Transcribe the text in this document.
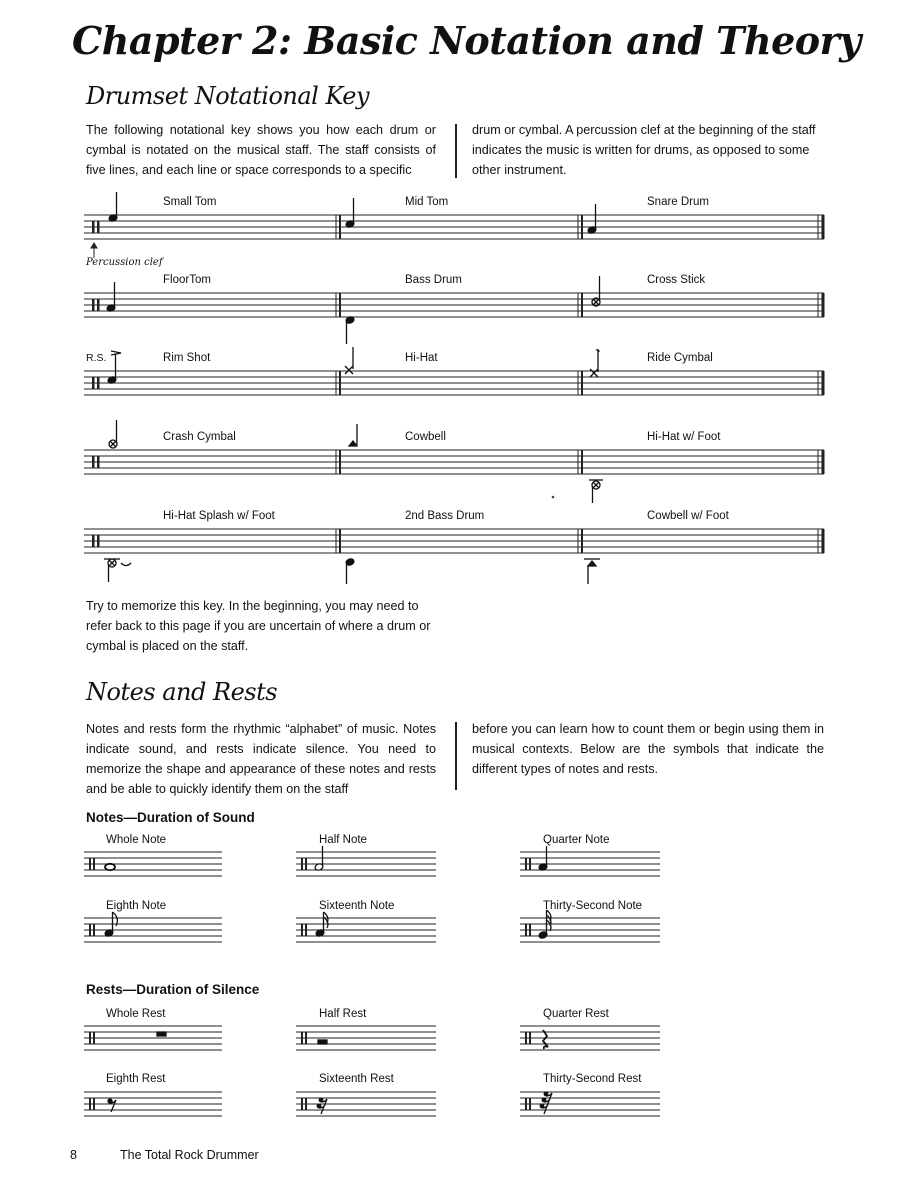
Chapter 2: Basic Notation and Theory
Drumset Notational Key
The following notational key shows you how each drum or cymbal is notated on the musical staff. The staff consists of five lines, and each line or space corresponds to a specific
drum or cymbal. A percussion clef at the beginning of the staff indicates the music is written for drums, as opposed to some other instrument.
Small Tom	Mid Tom	Snare Drum
Percussion clef
FloorTom	Bass Drum	Cross Stick
R.S.	Rim Shot	Hi-Hat	Ride Cymbal
Crash Cymbal	Cowbell	Hi-Hat w/ Foot
Hi-Hat Splash w/ Foot	2nd Bass Drum	Cowbell w/ Foot
Try to memorize this key. In the beginning, you may need to refer back to this page if you are uncertain of where a drum or cymbal is placed on the staff.
Notes and Rests
Notes and rests form the rhythmic “alphabet” of music. Notes indicate sound, and rests indicate silence. You need to memorize the shape and appearance of these notes and rests and be able to quickly identify them on the staff
before you can learn how to count them or begin using them in musical contexts. Below are the symbols that indicate the different types of notes and rests.
Notes—Duration of Sound
Whole Note	Half Note	Quarter Note
Eighth Note	Sixteenth Note	Thirty-Second Note
Rests—Duration of Silence
Whole Rest	Half Rest	Quarter Rest
Eighth Rest	Sixteenth Rest	Thirty-Second Rest
8	The Total Rock Drummer
